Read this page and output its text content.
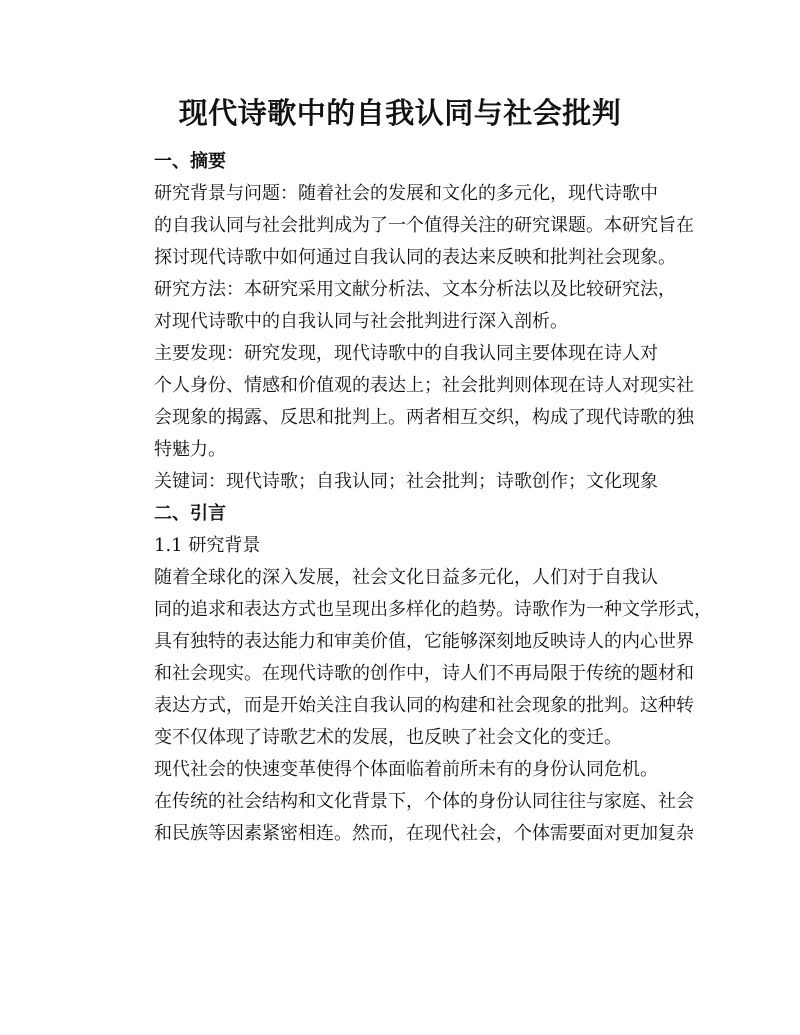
现代诗歌中的自我认同与社会批判

一、摘要

研究背景与问题：随着社会的发展和文化的多元化，现代诗歌中
的自我认同与社会批判成为了一个值得关注的研究课题。本研究旨在
探讨现代诗歌中如何通过自我认同的表达来反映和批判社会现象。

研究方法：本研究采用文献分析法、文本分析法以及比较研究法，
对现代诗歌中的自我认同与社会批判进行深入剖析。

主要发现：研究发现，现代诗歌中的自我认同主要体现在诗人对
个人身份、情感和价值观的表达上；社会批判则体现在诗人对现实社
会现象的揭露、反思和批判上。两者相互交织，构成了现代诗歌的独
特魅力。

关键词：现代诗歌；自我认同；社会批判；诗歌创作；文化现象

二、引言

1.1 研究背景

随着全球化的深入发展，社会文化日益多元化，人们对于自我认
同的追求和表达方式也呈现出多样化的趋势。诗歌作为一种文学形式，
具有独特的表达能力和审美价值，它能够深刻地反映诗人的内心世界
和社会现实。在现代诗歌的创作中，诗人们不再局限于传统的题材和
表达方式，而是开始关注自我认同的构建和社会现象的批判。这种转
变不仅体现了诗歌艺术的发展，也反映了社会文化的变迁。

现代社会的快速变革使得个体面临着前所未有的身份认同危机。
在传统的社会结构和文化背景下，个体的身份认同往往与家庭、社会
和民族等因素紧密相连。然而，在现代社会，个体需要面对更加复杂
